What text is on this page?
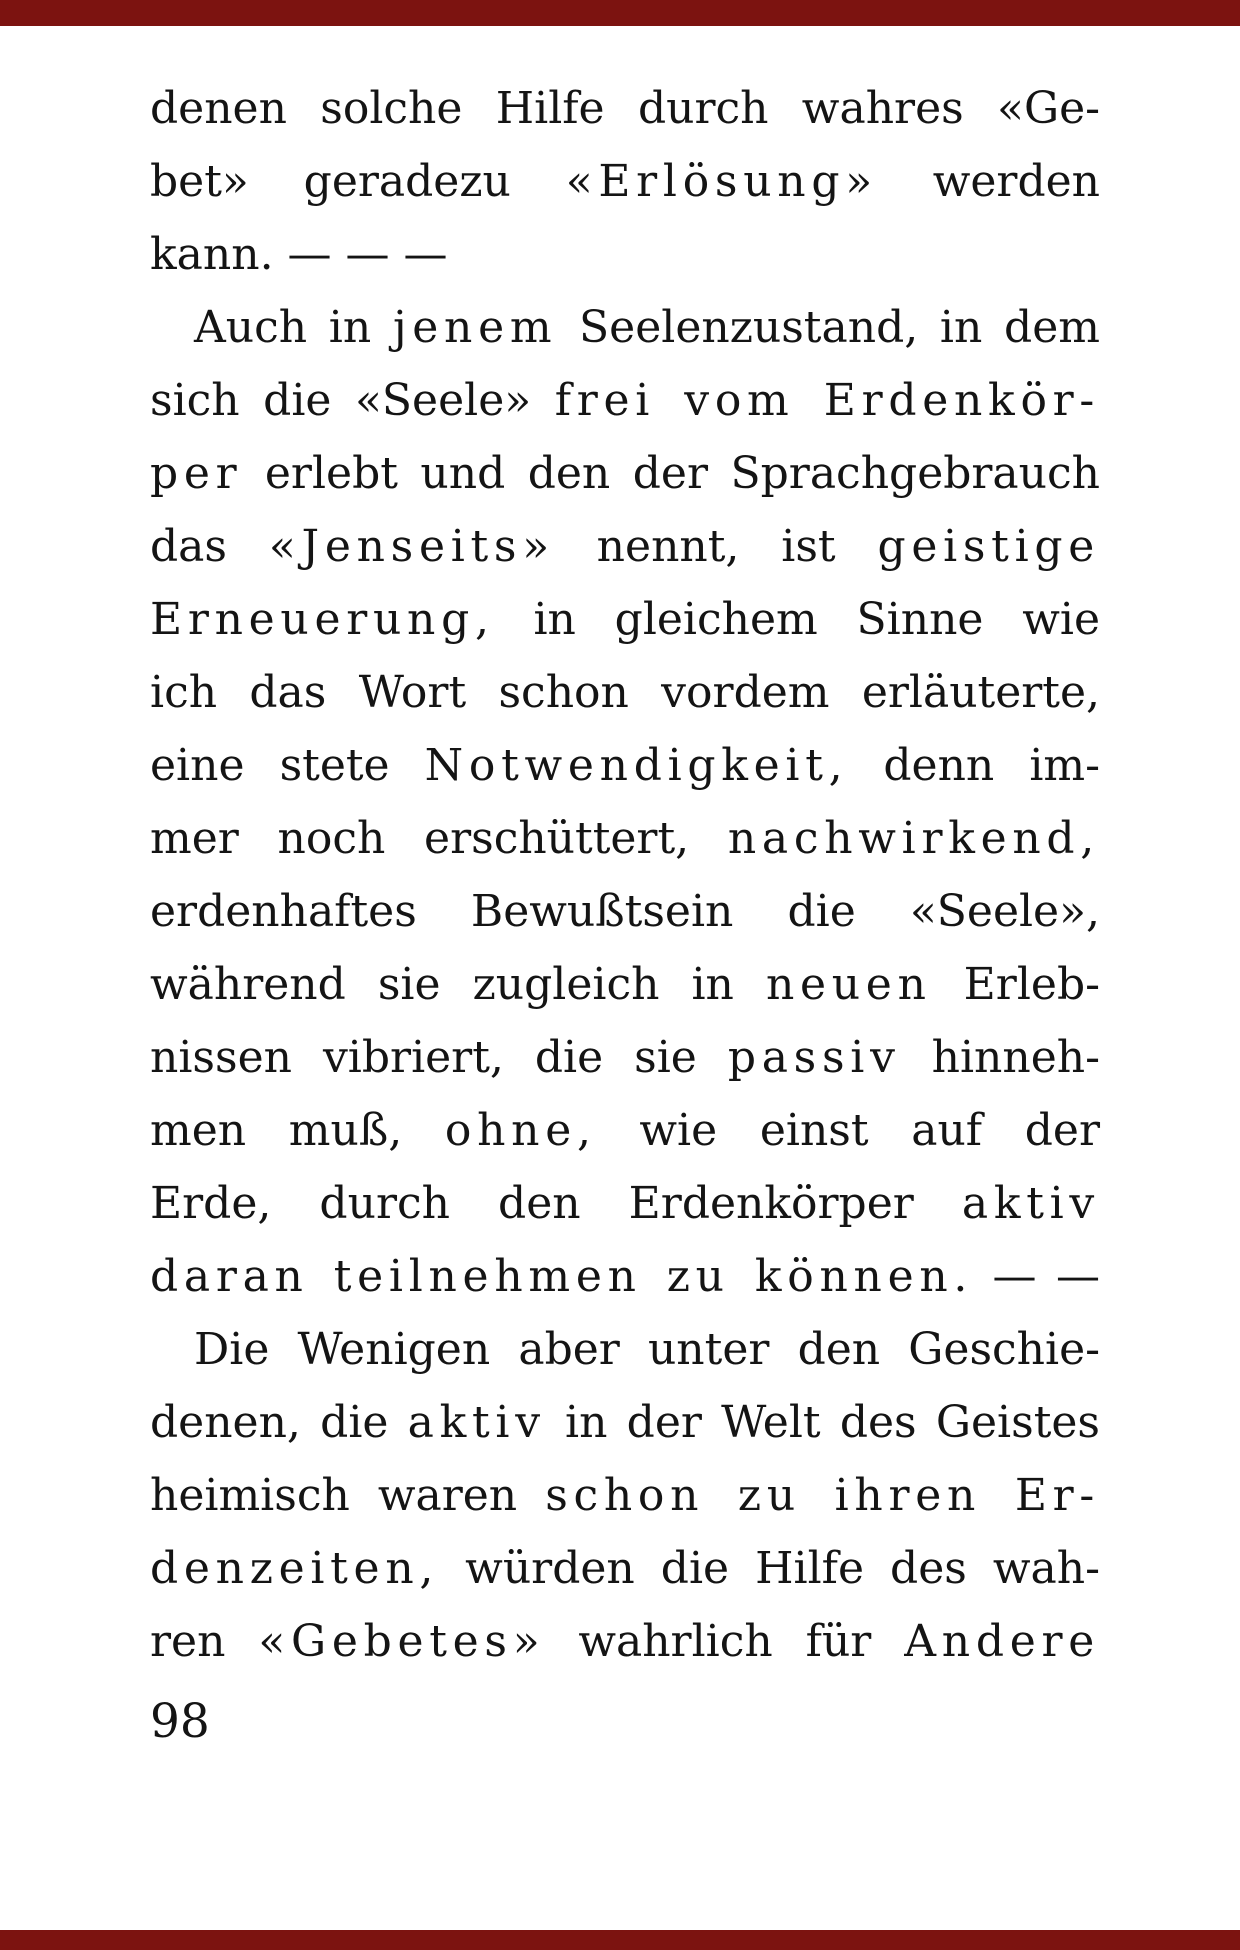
denen solche Hilfe durch wahres «Ge-
bet» geradezu «Erlösung» werden
kann. — — —
Auch in jenem Seelenzustand, in dem
sich die «Seele» frei vom Erdenkör-
per erlebt und den der Sprachgebrauch
das «Jenseits» nennt, ist geistige
Erneuerung, in gleichem Sinne wie
ich das Wort schon vordem erläuterte,
eine stete Notwendigkeit, denn im-
mer noch erschüttert, nachwirkend,
erdenhaftes Bewußtsein die «Seele»,
während sie zugleich in neuen Erleb-
nissen vibriert, die sie passiv hinneh-
men muß, ohne, wie einst auf der
Erde, durch den Erdenkörper aktiv
daran teilnehmen zu können. — —
Die Wenigen aber unter den Geschie-
denen, die aktiv in der Welt des Geistes
heimisch waren schon zu ihren Er-
denzeiten, würden die Hilfe des wah-
ren «Gebetes» wahrlich für Andere
98
